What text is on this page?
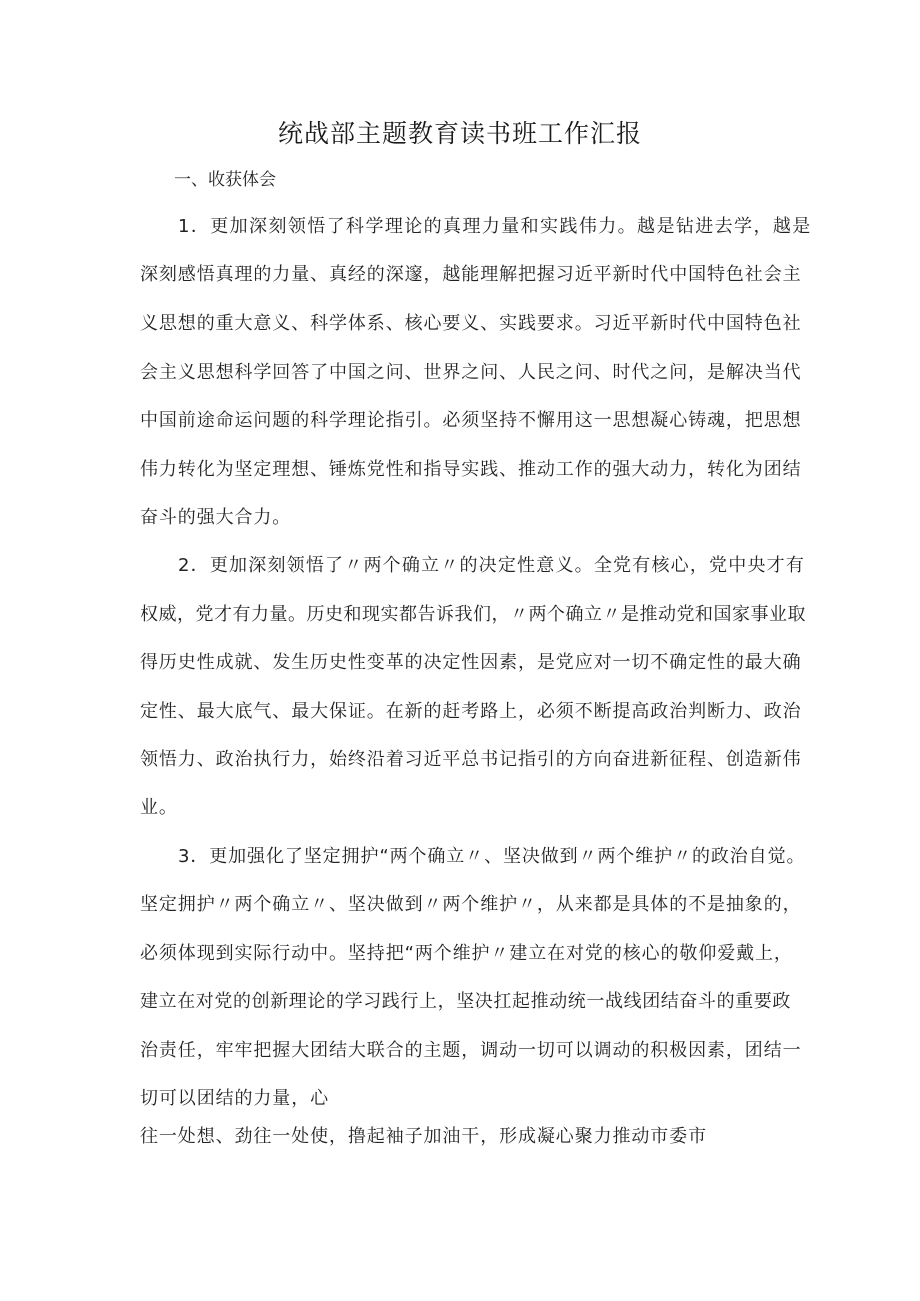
统战部主题教育读书班工作汇报
一、收获体会
1．更加深刻领悟了科学理论的真理力量和实践伟力。越是钻进去学，越是
深刻感悟真理的力量、真经的深邃，越能理解把握习近平新时代中国特色社会主
义思想的重大意义、科学体系、核心要义、实践要求。习近平新时代中国特色社
会主义思想科学回答了中国之问、世界之问、人民之问、时代之问，是解决当代
中国前途命运问题的科学理论指引。必须坚持不懈用这一思想凝心铸魂，把思想
伟力转化为坚定理想、锤炼党性和指导实践、推动工作的强大动力，转化为团结
奋斗的强大合力。
2．更加深刻领悟了〃两个确立〃的决定性意义。全党有核心，党中央才有
权威，党才有力量。历史和现实都告诉我们，〃两个确立〃是推动党和国家事业取
得历史性成就、发生历史性变革的决定性因素，是党应对一切不确定性的最大确
定性、最大底气、最大保证。在新的赶考路上，必须不断提高政治判断力、政治
领悟力、政治执行力，始终沿着习近平总书记指引的方向奋进新征程、创造新伟
业。
3．更加强化了坚定拥护“两个确立〃、坚决做到〃两个维护〃的政治自觉。
坚定拥护〃两个确立〃、坚决做到〃两个维护〃，从来都是具体的不是抽象的，
必须体现到实际行动中。坚持把“两个维护〃建立在对党的核心的敬仰爱戴上，
建立在对党的创新理论的学习践行上，坚决扛起推动统一战线团结奋斗的重要政
治责任，牢牢把握大团结大联合的主题，调动一切可以调动的积极因素，团结一
切可以团结的力量，心
往一处想、劲往一处使，撸起袖子加油干，形成凝心聚力推动市委市
